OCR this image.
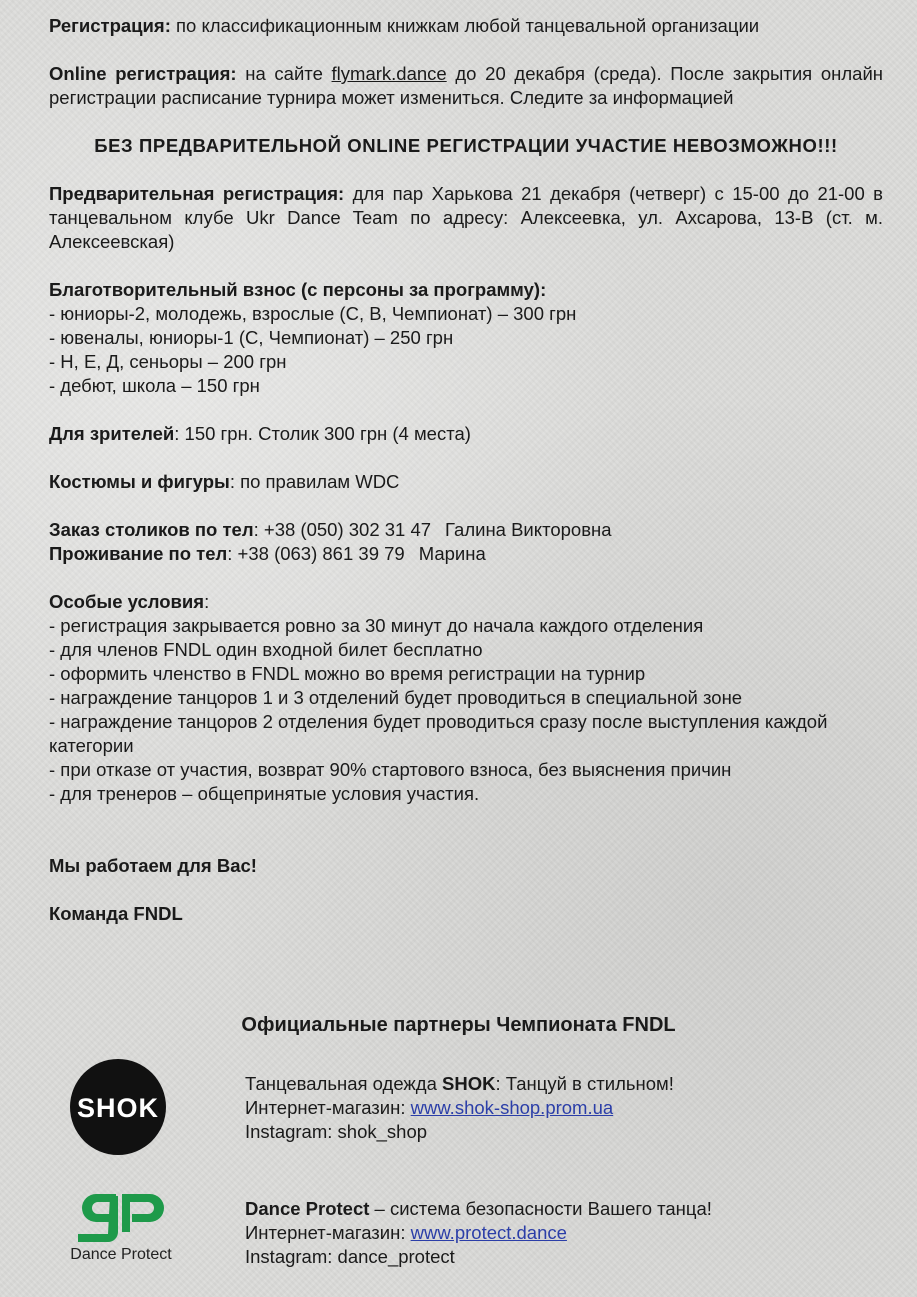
Регистрация: по классификационным книжкам любой танцевальной организации

Online регистрация: на сайте flymark.dance до 20 декабря (среда). После закрытия онлайн регистрации расписание турнира может измениться. Следите за информацией

БЕЗ ПРЕДВАРИТЕЛЬНОЙ ONLINE РЕГИСТРАЦИИ УЧАСТИЕ НЕВОЗМОЖНО!!!

Предварительная регистрация: для пар Харькова 21 декабря (четверг) с 15-00 до 21-00 в танцевальном клубе Ukr Dance Team по адресу: Алексеевка, ул. Ахсарова, 13-В (ст. м. Алексеевская)

Благотворительный взнос (с персоны за программу):
- юниоры-2, молодежь, взрослые (С, В, Чемпионат) – 300 грн
- ювеналы, юниоры-1 (С, Чемпионат) – 250 грн
- Н, Е, Д, сеньоры – 200 грн
- дебют, школа – 150 грн

Для зрителей: 150 грн. Столик 300 грн (4 места)

Костюмы и фигуры: по правилам WDC

Заказ столиков по тел: +38 (050) 302 31 47 Галина Викторовна
Проживание по тел: +38 (063) 861 39 79 Марина
Особые условия:
- регистрация закрывается ровно за 30 минут до начала каждого отделения
- для членов FNDL один входной билет бесплатно
- оформить членство в FNDL можно во время регистрации на турнир
- награждение танцоров 1 и 3 отделений будет проводиться в специальной зоне
- награждение танцоров 2 отделения будет проводиться сразу после выступления каждой категории
- при отказе от участия, возврат 90% стартового взноса, без выяснения причин
- для тренеров – общепринятые условия участия.

Мы работаем для Вас!

Команда FNDL

Официальные партнеры Чемпионата FNDL
SHOK
Танцевальная одежда SHOK: Танцуй в стильном!
Интернет-магазин: www.shok-shop.prom.ua
Instagram: shok_shop
Dance Protect
Dance Protect – система безопасности Вашего танца!
Интернет-магазин: www.protect.dance
Instagram: dance_protect
